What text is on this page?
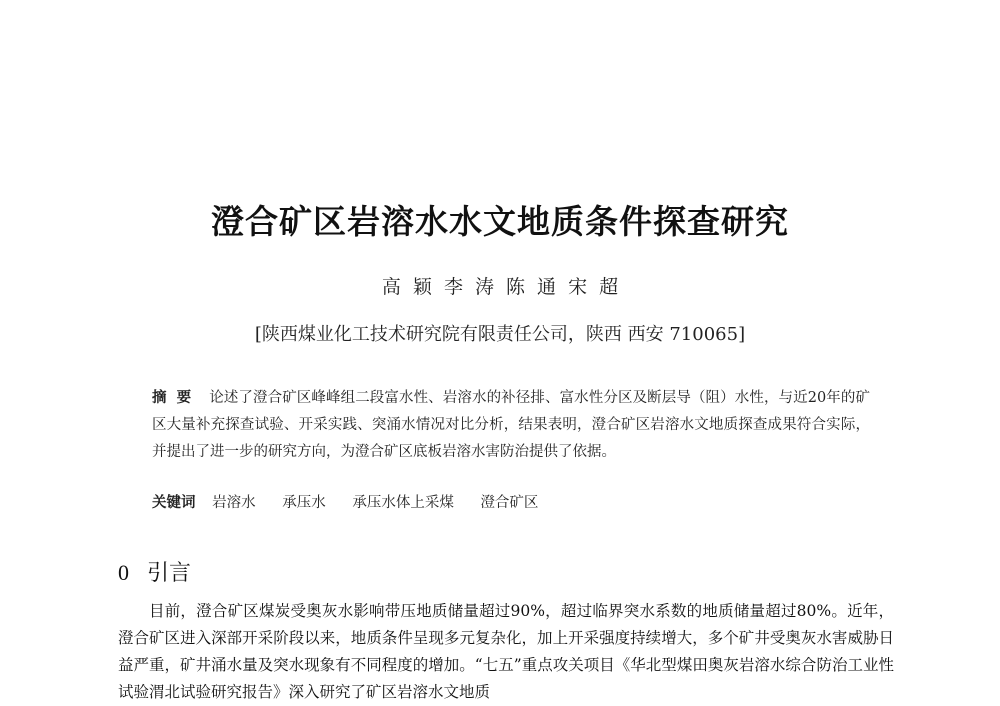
澄合矿区岩溶水水文地质条件探查研究
高 颖 李 涛 陈 通 宋 超
[陕西煤业化工技术研究院有限责任公司，陕西 西安 710065]
摘要 论述了澄合矿区峰峰组二段富水性、岩溶水的补径排、富水性分区及断层导（阻）水性，与近20年的矿区大量补充探查试验、开采实践、突涌水情况对比分析，结果表明，澄合矿区岩溶水文地质探查成果符合实际，并提出了进一步的研究方向，为澄合矿区底板岩溶水害防治提供了依据。
关键词 岩溶水 承压水 承压水体上采煤 澄合矿区
0 引言

目前，澄合矿区煤炭受奥灰水影响带压地质储量超过90%，超过临界突水系数的地质储量超过80%。近年，澄合矿区进入深部开采阶段以来，地质条件呈现多元复杂化，加上开采强度持续增大，多个矿井受奥灰水害威胁日益严重，矿井涌水量及突水现象有不同程度的增加。“七五”重点攻关项目《华北型煤田奥灰岩溶水综合防治工业性试验渭北试验研究报告》深入研究了矿区岩溶水文地质
